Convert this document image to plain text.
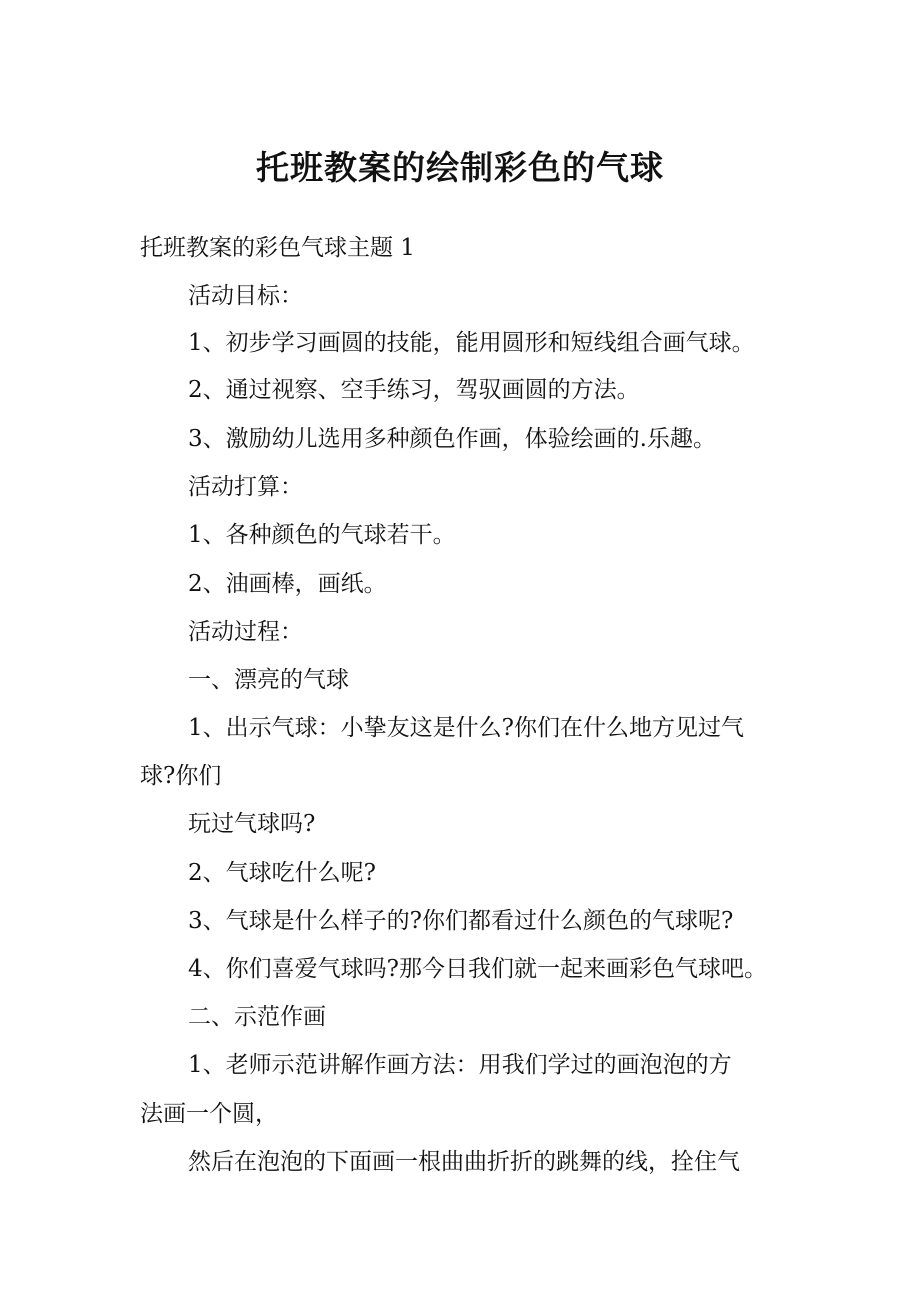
托班教案的绘制彩色的气球
托班教案的彩色气球主题 1
活动目标：
1、初步学习画圆的技能，能用圆形和短线组合画气球。
2、通过视察、空手练习，驾驭画圆的方法。
3、激励幼儿选用多种颜色作画，体验绘画的.乐趣。
活动打算：
1、各种颜色的气球若干。
2、油画棒，画纸。
活动过程：
一、漂亮的气球
1、出示气球：小挚友这是什么?你们在什么地方见过气
球?你们
玩过气球吗?
2、气球吃什么呢?
3、气球是什么样子的?你们都看过什么颜色的气球呢?
4、你们喜爱气球吗?那今日我们就一起来画彩色气球吧。
二、示范作画
1、老师示范讲解作画方法：用我们学过的画泡泡的方
法画一个圆，
然后在泡泡的下面画一根曲曲折折的跳舞的线，拴住气
